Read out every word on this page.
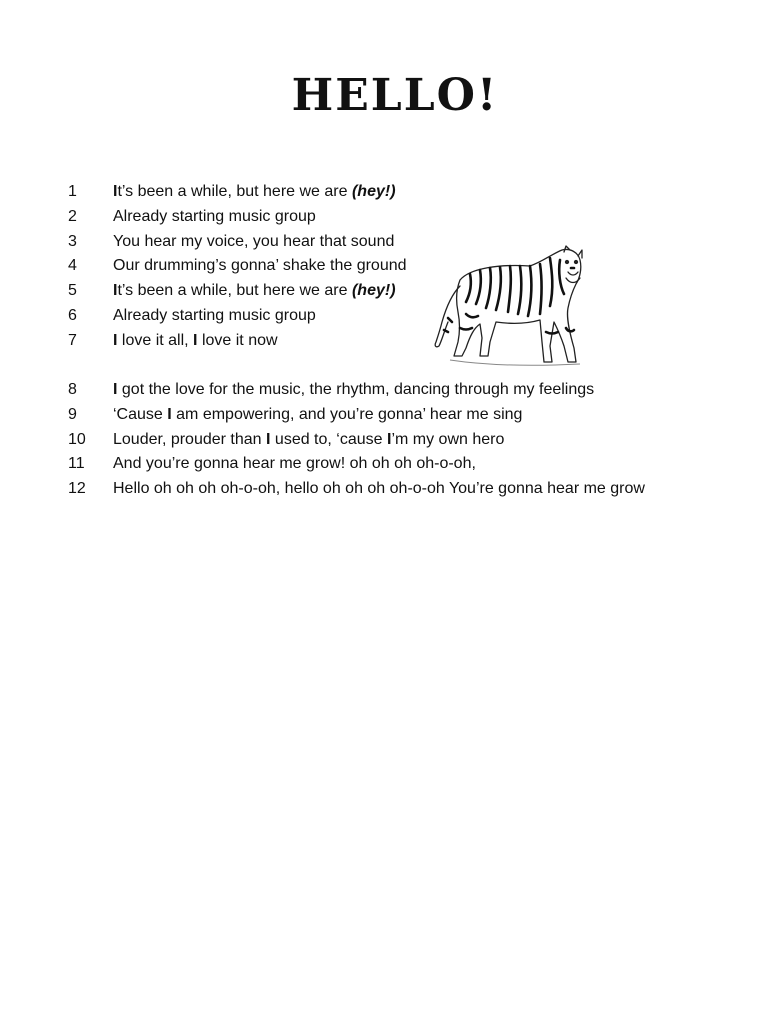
HELLO!
1	It’s been a while, but here we are (hey!)
2	Already starting music group
3	You hear my voice, you hear that sound
4	Our drumming’s gonna’ shake the ground
5	It’s been a while, but here we are (hey!)
6	Already starting music group
7	I love it all, I love it now
8	I got the love for the music, the rhythm, dancing through my feelings
9	‘Cause I am empowering, and you’re gonna’ hear me sing
10	Louder, prouder than I used to, ‘cause I’m my own hero
11	And you’re gonna hear me grow! oh oh oh oh-o-oh,
12	Hello oh oh oh oh-o-oh, hello oh oh oh oh-o-oh You’re gonna hear me grow
